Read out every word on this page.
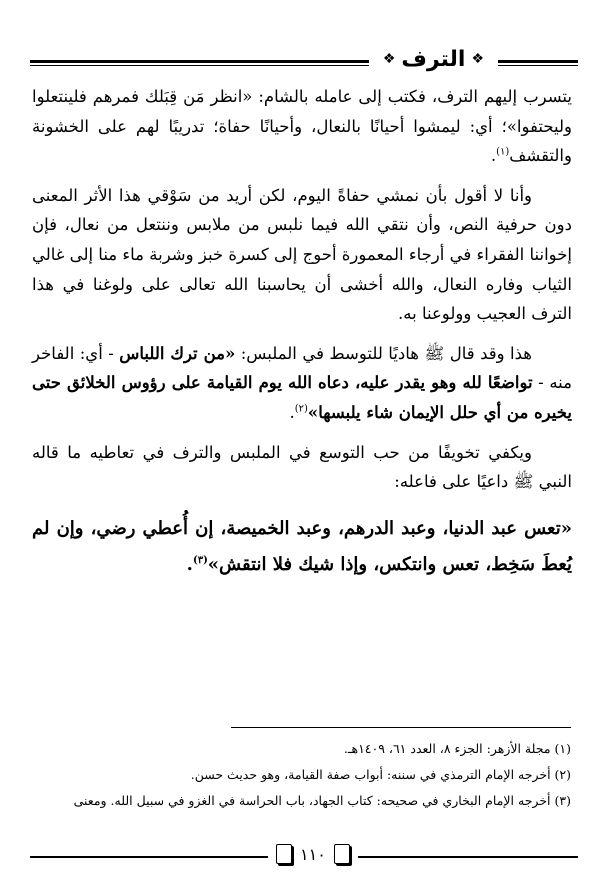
❖
الترف
❖

يتسرب إليهم الترف، فكتب إلى عامله بالشام: «انظر مَن قِبَلك فمرهم فلينتعلوا وليحتفوا»؛ أي: ليمشوا أحيانًا بالنعال، وأحيانًا حفاة؛ تدريبًا لهم على الخشونة والتقشف$^{(١)}$.

وأنا لا أقول بأن نمشي حفاةً اليوم، لكن أريد من سَوْقي هذا الأثر المعنى دون حرفية النص، وأن نتقي الله فيما نلبس من ملابس وننتعل من نعال، فإن إخواننا الفقراء في أرجاء المعمورة أحوج إلى كسرة خبز وشربة ماء منا إلى غالي الثياب وفاره النعال، والله أخشى أن يحاسبنا الله تعالى على ولوغنا في هذا الترف العجيب وولوعنا به.

هذا وقد قال ﷺ هاديًا للتوسط في الملبس: «من ترك اللباس - أي: الفاخر منه - تواضعًا لله وهو يقدر عليه، دعاه الله يوم القيامة على رؤوس الخلائق حتى يخيره من أي حلل الإيمان شاء يلبسها»$^{(٢)}$.

ويكفي تخويفًا من حب التوسع في الملبس والترف في تعاطيه ما قاله النبي ﷺ داعيًا على فاعله:

«تعس عبد الدنيا، وعبد الدرهم، وعبد الخميصة، إن أُعطي رضي، وإن لم يُعطَ سَخِط، تعس وانتكس، وإذا شيك فلا انتقش»$^{(٣)}$.

(١) مجلة الأزهر: الجزء ٨، العدد ٦١، ١٤٠٩هـ.

(٢) أخرجه الإمام الترمذي في سننه: أبواب صفة القيامة، وهو حديث حسن.

(٣) أخرجه الإمام البخاري في صحيحه: كتاب الجهاد، باب الحراسة في الغزو في سبيل الله. ومعنى

١١٠
